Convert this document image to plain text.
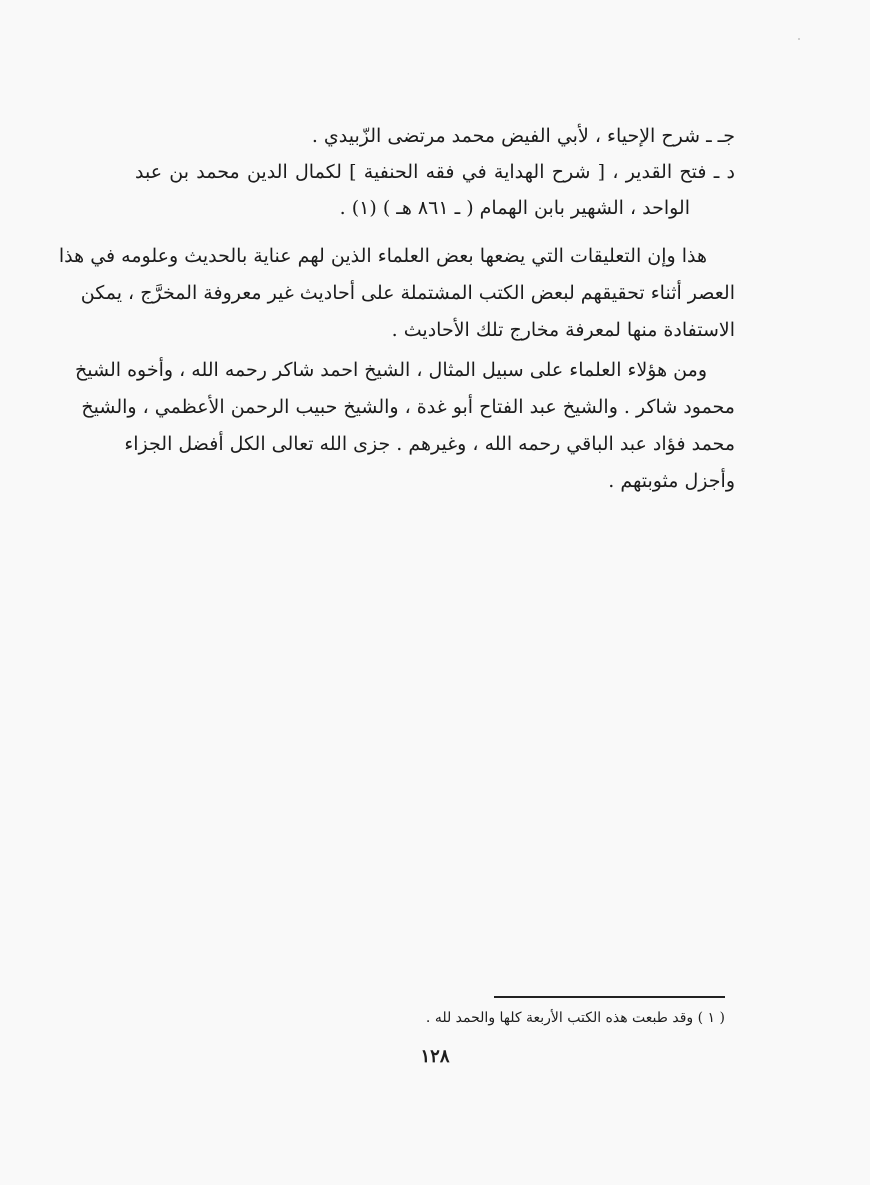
جـ ـ شرح الإحياء ، لأبي الفيض محمد مرتضى الزّبيدي .
د ـ فتح القدير ، [ شرح الهداية في فقه الحنفية ] لكمال الدين محمد بن عبد
الواحد ، الشهير بابن الهمام ( ـ ٨٦١ هـ ) (١) .
هذا وإن التعليقات التي يضعها بعض العلماء الذين لهم عناية بالحديث وعلومه في هذا
العصر أثناء تحقيقهم لبعض الكتب المشتملة على أحاديث غير معروفة المخرَّج ، يمكن
الاستفادة منها لمعرفة مخارج تلك الأحاديث .
ومن هؤلاء العلماء على سبيل المثال ، الشيخ احمد شاكر رحمه الله ، وأخوه الشيخ
محمود شاكر . والشيخ عبد الفتاح أبو غدة ، والشيخ حبيب الرحمن الأعظمي ، والشيخ
محمد فؤاد عبد الباقي رحمه الله ، وغيرهم . جزى الله تعالى الكل أفضل الجزاء
وأجزل مثوبتهم .
( ١ ) وقد طبعت هذه الكتب الأربعة كلها والحمد لله .
١٢٨
